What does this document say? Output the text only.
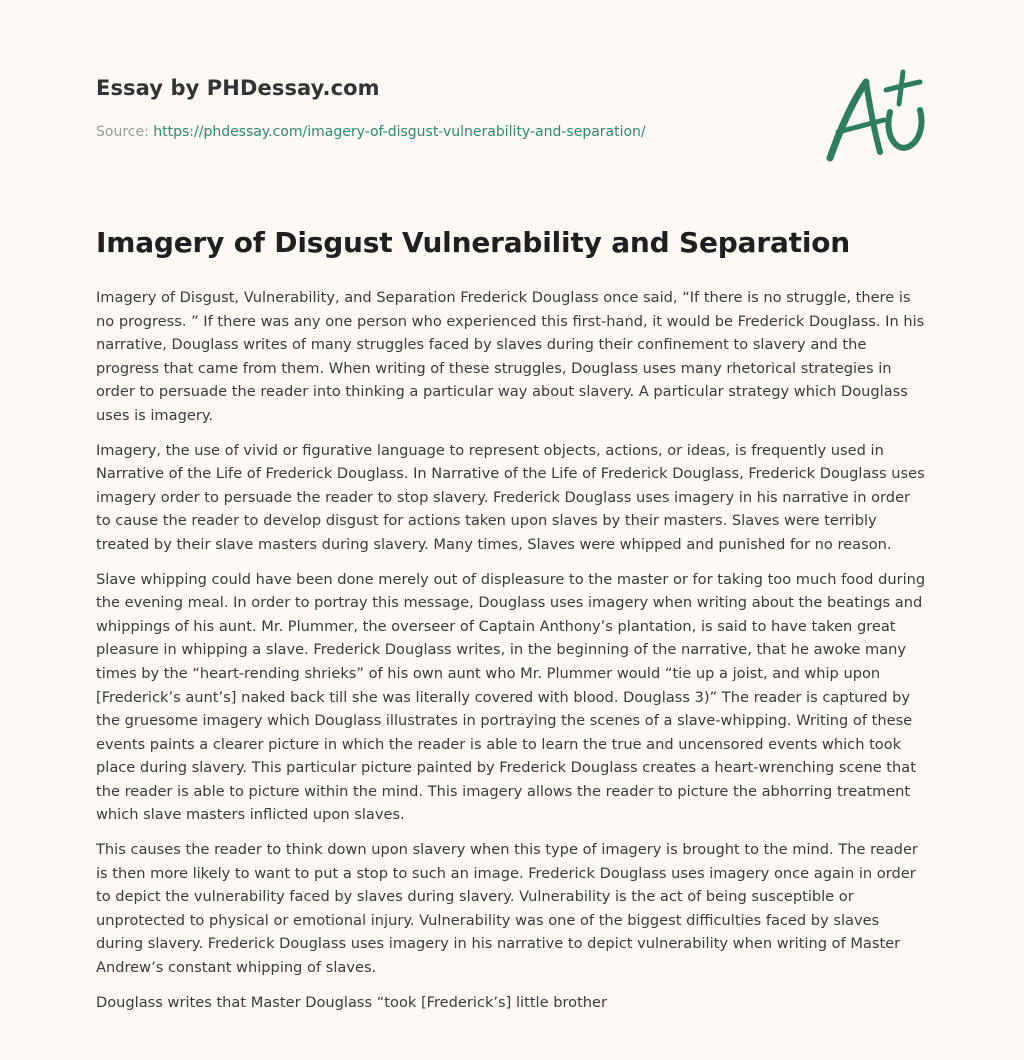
Essay by PHDessay.com
Source: https://phdessay.com/imagery-of-disgust-vulnerability-and-separation/
Imagery of Disgust Vulnerability and Separation

Imagery of Disgust, Vulnerability, and Separation Frederick Douglass once said, “If there is no struggle, there is no progress. ” If there was any one person who experienced this first-hand, it would be Frederick Douglass. In his narrative, Douglass writes of many struggles faced by slaves during their confinement to slavery and the progress that came from them. When writing of these struggles, Douglass uses many rhetorical strategies in order to persuade the reader into thinking a particular way about slavery. A particular strategy which Douglass uses is imagery.

Imagery, the use of vivid or figurative language to represent objects, actions, or ideas, is frequently used in Narrative of the Life of Frederick Douglass. In Narrative of the Life of Frederick Douglass, Frederick Douglass uses imagery order to persuade the reader to stop slavery. Frederick Douglass uses imagery in his narrative in order to cause the reader to develop disgust for actions taken upon slaves by their masters. Slaves were terribly treated by their slave masters during slavery. Many times, Slaves were whipped and punished for no reason.

Slave whipping could have been done merely out of displeasure to the master or for taking too much food during the evening meal. In order to portray this message, Douglass uses imagery when writing about the beatings and whippings of his aunt. Mr. Plummer, the overseer of Captain Anthony’s plantation, is said to have taken great pleasure in whipping a slave. Frederick Douglass writes, in the beginning of the narrative, that he awoke many times by the “heart-rending shrieks” of his own aunt who Mr. Plummer would “tie up a joist, and whip upon [Frederick’s aunt’s] naked back till she was literally covered with blood. Douglass 3)” The reader is captured by the gruesome imagery which Douglass illustrates in portraying the scenes of a slave-whipping. Writing of these events paints a clearer picture in which the reader is able to learn the true and uncensored events which took place during slavery. This particular picture painted by Frederick Douglass creates a heart-wrenching scene that the reader is able to picture within the mind. This imagery allows the reader to picture the abhorring treatment which slave masters inflicted upon slaves.

This causes the reader to think down upon slavery when this type of imagery is brought to the mind. The reader is then more likely to want to put a stop to such an image. Frederick Douglass uses imagery once again in order to depict the vulnerability faced by slaves during slavery. Vulnerability is the act of being susceptible or unprotected to physical or emotional injury. Vulnerability was one of the biggest difficulties faced by slaves during slavery. Frederick Douglass uses imagery in his narrative to depict vulnerability when writing of Master Andrew’s constant whipping of slaves.

Douglass writes that Master Douglass “took [Frederick’s] little brother
